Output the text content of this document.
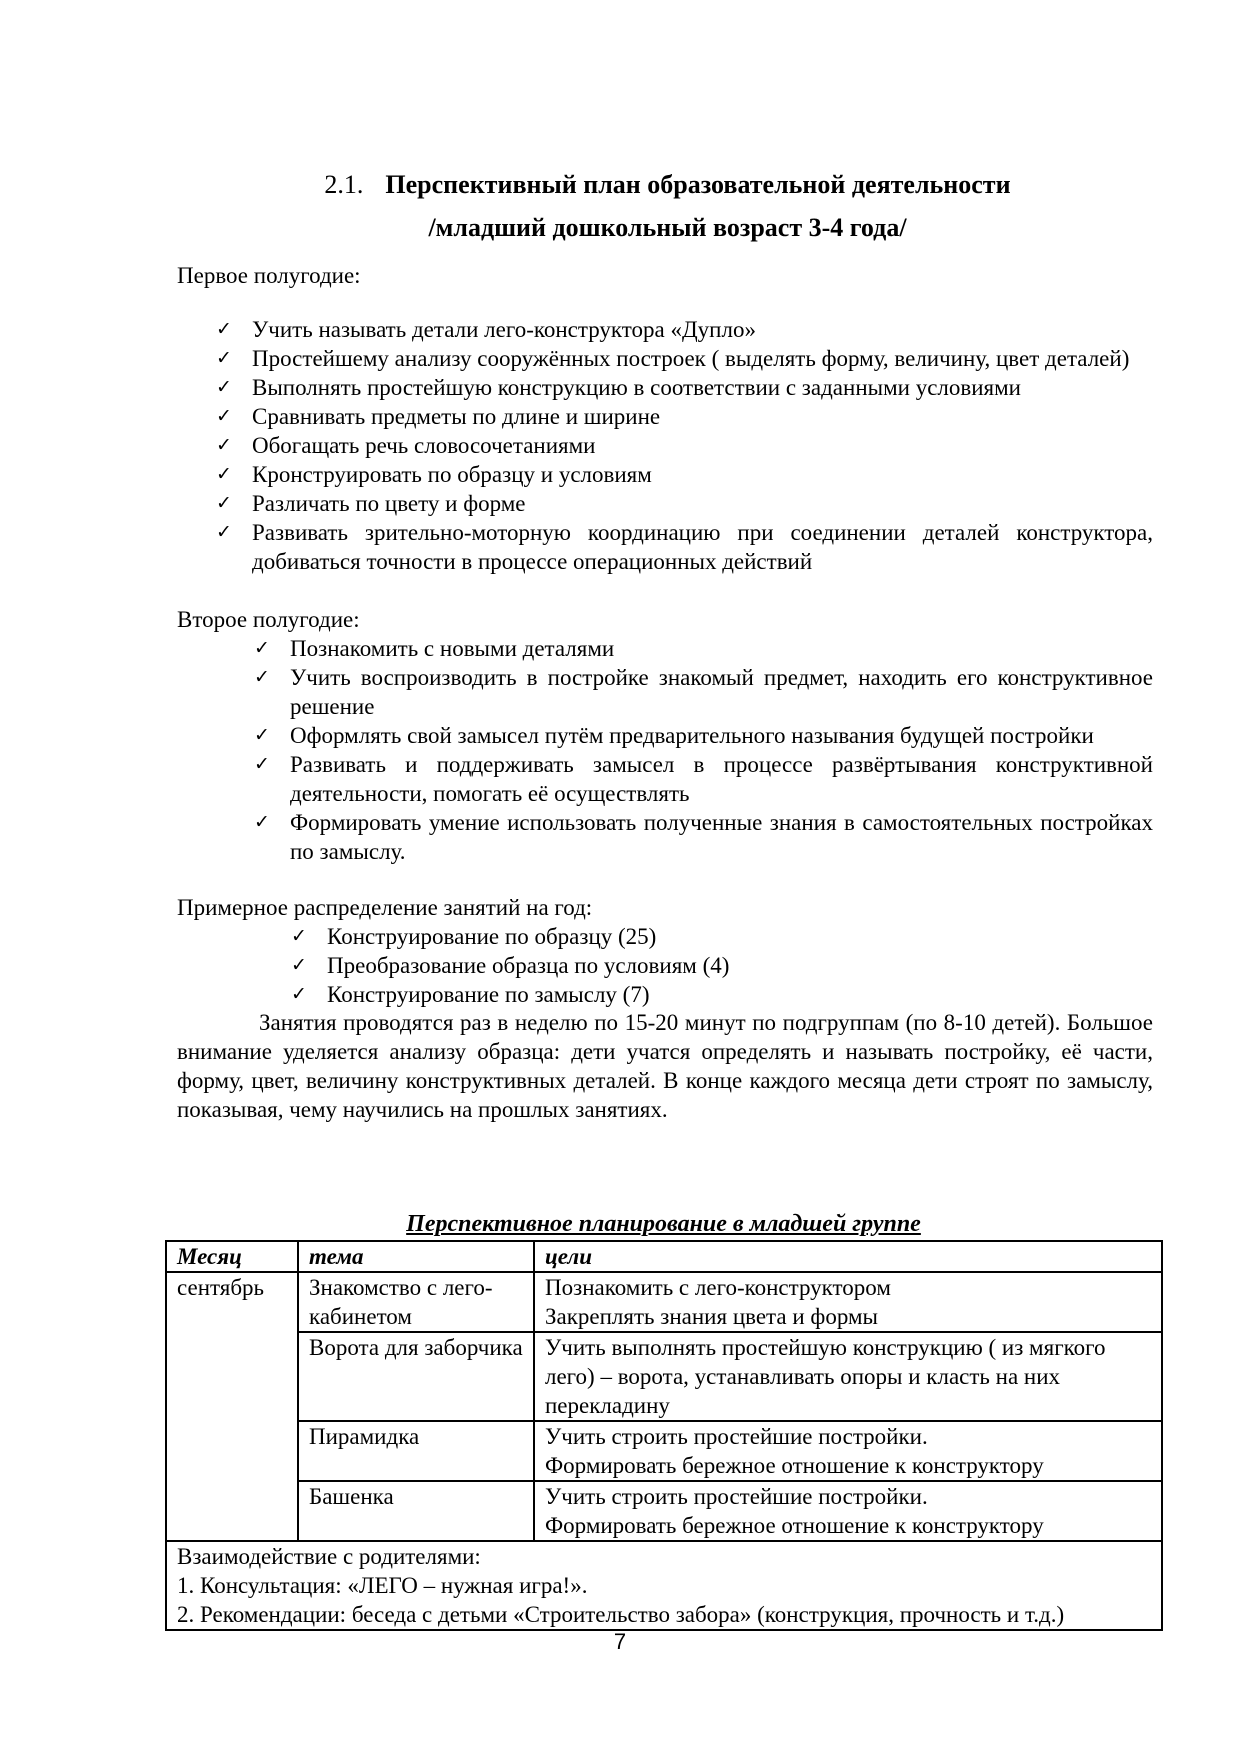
2.1. Перспективный план образовательной деятельности
/младший дошкольный возраст 3-4 года/
Первое полугодие:
✓ Учить называть детали лего-конструктора «Дупло»
✓ Простейшему анализу сооружённых построек ( выделять форму, величину, цвет деталей)
✓ Выполнять простейшую конструкцию в соответствии с заданными условиями
✓ Сравнивать предметы по длине и ширине
✓ Обогащать речь словосочетаниями
✓ Кронструировать по образцу и условиям
✓ Различать по цвету и форме
✓ Развивать зрительно-моторную координацию при соединении деталей конструктора, добиваться точности в процессе операционных действий
Второе полугодие:
✓ Познакомить с новыми деталями
✓ Учить воспроизводить в постройке знакомый предмет, находить его конструктивное решение
✓ Оформлять свой замысел путём предварительного называния будущей постройки
✓ Развивать и поддерживать замысел в процессе развёртывания конструктивной деятельности, помогать её осуществлять
✓ Формировать умение использовать полученные знания в самостоятельных постройках по замыслу.
Примерное распределение занятий на год:
✓ Конструирование по образцу (25)
✓ Преобразование образца по условиям (4)
✓ Конструирование по замыслу (7)

Занятия проводятся раз в неделю по 15-20 минут по подгруппам (по 8-10 детей). Большое внимание уделяется анализу образца: дети учатся определять и называть постройку, её части, форму, цвет, величину конструктивных деталей. В конце каждого месяца дети строят по замыслу, показывая, чему научились на прошлых занятиях.

Перспективное планирование в младшей группе
Месяц	тема	цели
сентябрь	Знакомство с лего-кабинетом	Познакомить с лего-конструктором
Закреплять знания цвета и формы

	Ворота для заборчика	Учить выполнять простейшую конструкцию ( из мягкого лего) – ворота, устанавливать опоры и класть на них перекладину

	Пирамидка	Учить строить простейшие постройки.
Формировать бережное отношение к конструктору

	Башенка	Учить строить простейшие постройки.
Формировать бережное отношение к конструктору

Взаимодействие с родителями:
1. Консультация: «ЛЕГО – нужная игра!».
2. Рекомендации: беседа с детьми «Строительство забора» (конструкция, прочность и т.д.)		
7
